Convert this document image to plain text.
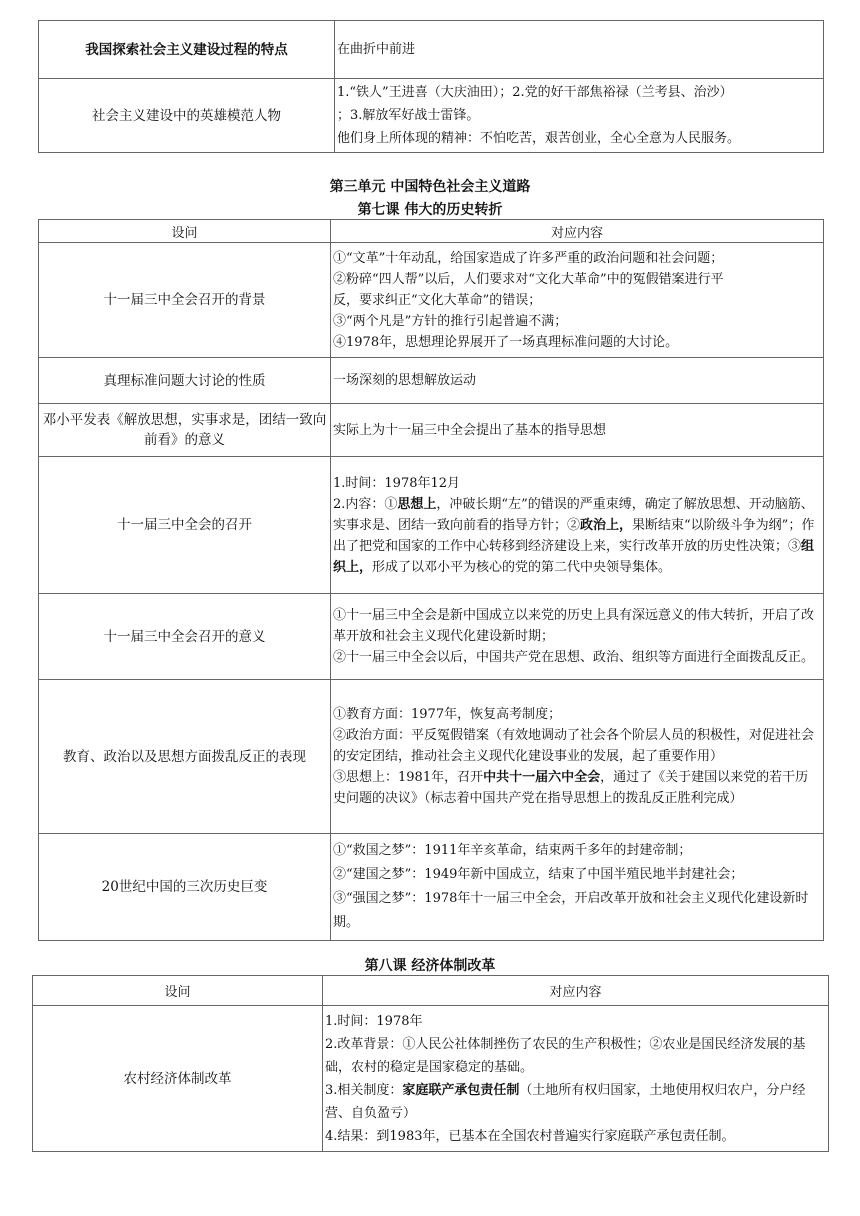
我国探索社会主义建设过程的特点	在曲折中前进

社会主义建设中的英雄模范人物	1.“铁人”王进喜（大庆油田）；2.党的好干部焦裕禄（兰考县、治沙）
；3.解放军好战士雷锋。
他们身上所体现的精神：不怕吃苦，艰苦创业，全心全意为人民服务。
第三单元 中国特色社会主义道路
第七课 伟大的历史转折
设问	对应内容
十一届三中全会召开的背景	①“文革”十年动乱，给国家造成了许多严重的政治问题和社会问题；
②粉碎“四人帮”以后，人们要求对“文化大革命”中的冤假错案进行平
反，要求纠正“文化大革命”的错误；
③“两个凡是”方针的推行引起普遍不满；
④1978年，思想理论界展开了一场真理标准问题的大讨论。

真理标准问题大讨论的性质	一场深刻的思想解放运动

邓小平发表《解放思想，实事求是，团结一致向前看》的意义	实际上为十一届三中全会提出了基本的指导思想

十一届三中全会的召开	1.时间：1978年12月
2.内容：①思想上，冲破长期“左”的错误的严重束缚，确定了解放思想、开动脑筋、实事求是、团结一致向前看的指导方针；②政治上，果断结束“以阶级斗争为纲”；作出了把党和国家的工作中心转移到经济建设上来，实行改革开放的历史性决策；③组织上，形成了以邓小平为核心的党的第二代中央领导集体。

十一届三中全会召开的意义	①十一届三中全会是新中国成立以来党的历史上具有深远意义的伟大转折，开启了改革开放和社会主义现代化建设新时期；
②十一届三中全会以后，中国共产党在思想、政治、组织等方面进行全面拨乱反正。

教育、政治以及思想方面拨乱反正的表现	①教育方面：1977年，恢复高考制度；
②政治方面：平反冤假错案（有效地调动了社会各个阶层人员的积极性，对促进社会的安定团结，推动社会主义现代化建设事业的发展，起了重要作用）
③思想上：1981年，召开中共十一届六中全会，通过了《关于建国以来党的若干历史问题的决议》（标志着中国共产党在指导思想上的拨乱反正胜利完成）

20世纪中国的三次历史巨变	①“救国之梦”：1911年辛亥革命，结束两千多年的封建帝制；
②“建国之梦”：1949年新中国成立，结束了中国半殖民地半封建社会；
③“强国之梦”：1978年十一届三中全会，开启改革开放和社会主义现代化建设新时期。
第八课 经济体制改革
设问	对应内容
农村经济体制改革	1.时间：1978年
2.改革背景：①人民公社体制挫伤了农民的生产积极性；②农业是国民经济发展的基础，农村的稳定是国家稳定的基础。
3.相关制度：家庭联产承包责任制（土地所有权归国家，土地使用权归农户，分户经营、自负盈亏）
4.结果：到1983年，已基本在全国农村普遍实行家庭联产承包责任制。
